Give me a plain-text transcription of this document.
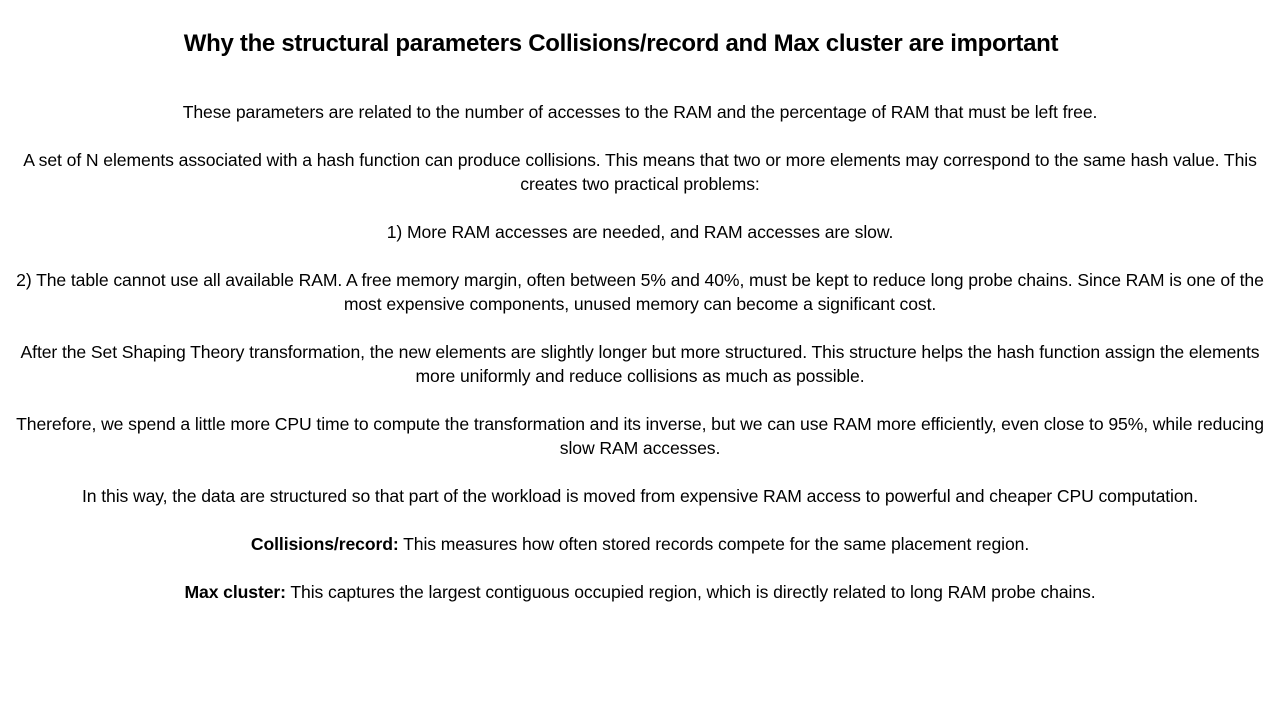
Why the structural parameters Collisions/record and Max cluster are important

These parameters are related to the number of accesses to the RAM and the percentage of RAM that must be left free.

A set of N elements associated with a hash function can produce collisions. This means that two or more elements may correspond to the same hash value. This creates two practical problems:

1) More RAM accesses are needed, and RAM accesses are slow.

2) The table cannot use all available RAM. A free memory margin, often between 5% and 40%, must be kept to reduce long probe chains. Since RAM is one of the most expensive components, unused memory can become a significant cost.

After the Set Shaping Theory transformation, the new elements are slightly longer but more structured. This structure helps the hash function assign the elements more uniformly and reduce collisions as much as possible.

Therefore, we spend a little more CPU time to compute the transformation and its inverse, but we can use RAM more efficiently, even close to 95%, while reducing slow RAM accesses.

In this way, the data are structured so that part of the workload is moved from expensive RAM access to powerful and cheaper CPU computation.

Collisions/record: This measures how often stored records compete for the same placement region.

Max cluster: This captures the largest contiguous occupied region, which is directly related to long RAM probe chains.
